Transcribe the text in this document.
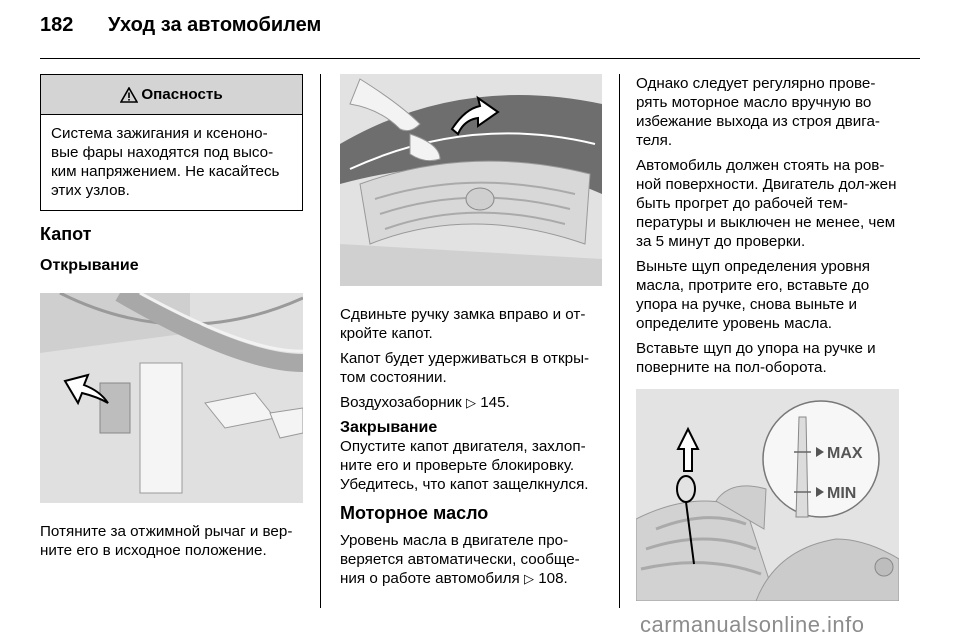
182	Уход за автомобилем
Опасность
Система зажигания и ксеноно-вые фары находятся под высо-ким напряжением. Не касайтесь этих узлов.
Капот
Открывание

Потяните за отжимной рычаг и вер-ните его в исходное положение.

Сдвиньте ручку замка вправо и от-кройте капот.

Капот будет удерживаться в откры-том состоянии.

Воздухозаборник ▷ 145.

Закрывание

Опустите капот двигателя, захлоп-ните его и проверьте блокировку. Убедитесь, что капот защелкнулся.

Моторное масло

Уровень масла в двигателе про-веряется автоматически, сообще-ния о работе автомобиля ▷ 108.

Однако следует регулярно прове-рять моторное масло вручную во избежание выхода из строя двига-теля.

Автомобиль должен стоять на ров-ной поверхности. Двигатель дол-жен быть прогрет до рабочей тем-пературы и выключен не менее, чем за 5 минут до проверки.

Выньте щуп определения уровня масла, протрите его, вставьте до упора на ручке, снова выньте и определите уровень масла.

Вставьте щуп до упора на ручке и поверните на пол-оборота.

MAX
MIN
carmanualsonline.info
